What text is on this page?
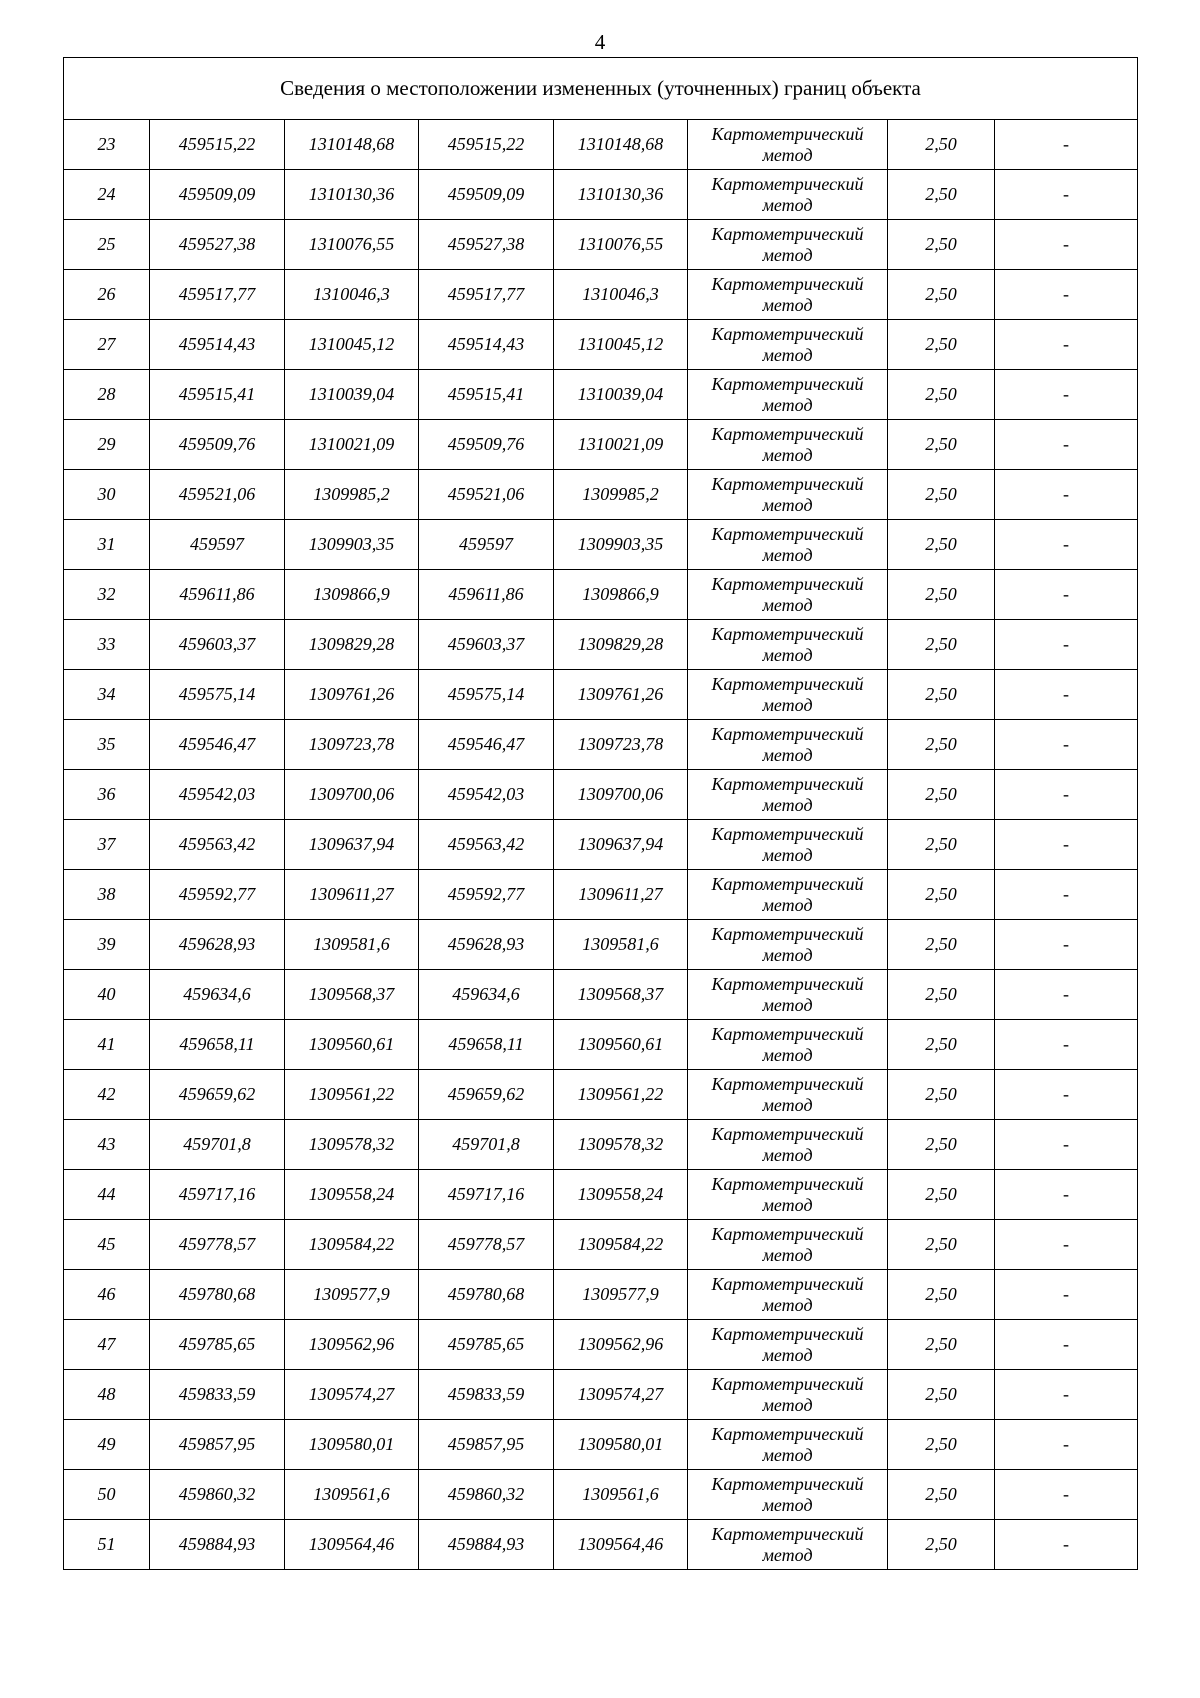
4
Сведения о местоположении измененных (уточненных) границ объекта							
23	459515,22	1310148,68	459515,22	1310148,68	Картометрический
метод	2,50	-
24	459509,09	1310130,36	459509,09	1310130,36	Картометрический
метод	2,50	-
25	459527,38	1310076,55	459527,38	1310076,55	Картометрический
метод	2,50	-
26	459517,77	1310046,3	459517,77	1310046,3	Картометрический
метод	2,50	-
27	459514,43	1310045,12	459514,43	1310045,12	Картометрический
метод	2,50	-
28	459515,41	1310039,04	459515,41	1310039,04	Картометрический
метод	2,50	-
29	459509,76	1310021,09	459509,76	1310021,09	Картометрический
метод	2,50	-
30	459521,06	1309985,2	459521,06	1309985,2	Картометрический
метод	2,50	-
31	459597	1309903,35	459597	1309903,35	Картометрический
метод	2,50	-
32	459611,86	1309866,9	459611,86	1309866,9	Картометрический
метод	2,50	-
33	459603,37	1309829,28	459603,37	1309829,28	Картометрический
метод	2,50	-
34	459575,14	1309761,26	459575,14	1309761,26	Картометрический
метод	2,50	-
35	459546,47	1309723,78	459546,47	1309723,78	Картометрический
метод	2,50	-
36	459542,03	1309700,06	459542,03	1309700,06	Картометрический
метод	2,50	-
37	459563,42	1309637,94	459563,42	1309637,94	Картометрический
метод	2,50	-
38	459592,77	1309611,27	459592,77	1309611,27	Картометрический
метод	2,50	-
39	459628,93	1309581,6	459628,93	1309581,6	Картометрический
метод	2,50	-
40	459634,6	1309568,37	459634,6	1309568,37	Картометрический
метод	2,50	-
41	459658,11	1309560,61	459658,11	1309560,61	Картометрический
метод	2,50	-
42	459659,62	1309561,22	459659,62	1309561,22	Картометрический
метод	2,50	-
43	459701,8	1309578,32	459701,8	1309578,32	Картометрический
метод	2,50	-
44	459717,16	1309558,24	459717,16	1309558,24	Картометрический
метод	2,50	-
45	459778,57	1309584,22	459778,57	1309584,22	Картометрический
метод	2,50	-
46	459780,68	1309577,9	459780,68	1309577,9	Картометрический
метод	2,50	-
47	459785,65	1309562,96	459785,65	1309562,96	Картометрический
метод	2,50	-
48	459833,59	1309574,27	459833,59	1309574,27	Картометрический
метод	2,50	-
49	459857,95	1309580,01	459857,95	1309580,01	Картометрический
метод	2,50	-
50	459860,32	1309561,6	459860,32	1309561,6	Картометрический
метод	2,50	-
51	459884,93	1309564,46	459884,93	1309564,46	Картометрический
метод	2,50	-
